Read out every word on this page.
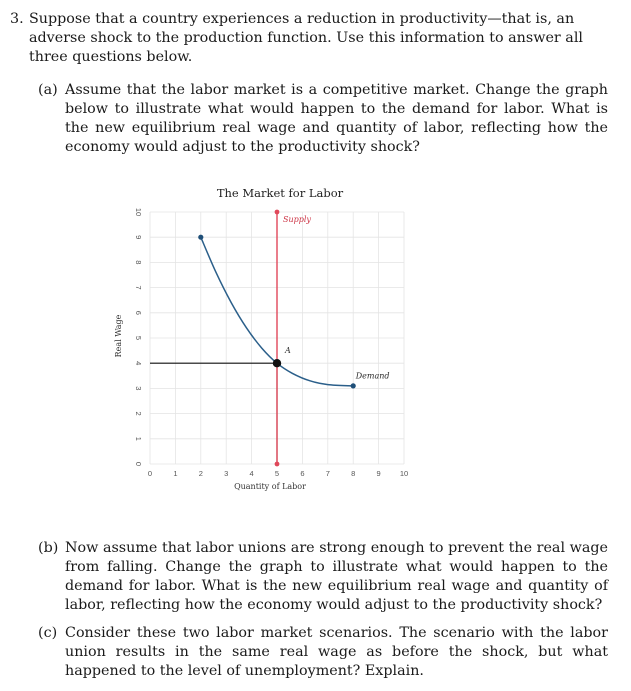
3. Suppose that a country experiences a reduction in productivity—that is, an adverse shock to the production function. Use this information to answer all three questions below.
(a) Assume that the labor market is a competitive market. Change the graph below to illustrate what would happen to the demand for labor. What is the new equilibrium real wage and quantity of labor, reflecting how the economy would adjust to the productivity shock?
The Market for Labor
0
1
2
3
4
5
6
7
8
9
10
0	1	2	3	4	5	6	7	8	9	10
Quantity of Labor
Real Wage
Supply
Demand
A
(b) Now assume that labor unions are strong enough to prevent the real wage from falling. Change the graph to illustrate what would happen to the demand for labor. What is the new equilibrium real wage and quantity of labor, reflecting how the economy would adjust to the productivity shock?
(c) Consider these two labor market scenarios. The scenario with the labor union results in the same real wage as before the shock, but what happened to the level of unemployment? Explain.
